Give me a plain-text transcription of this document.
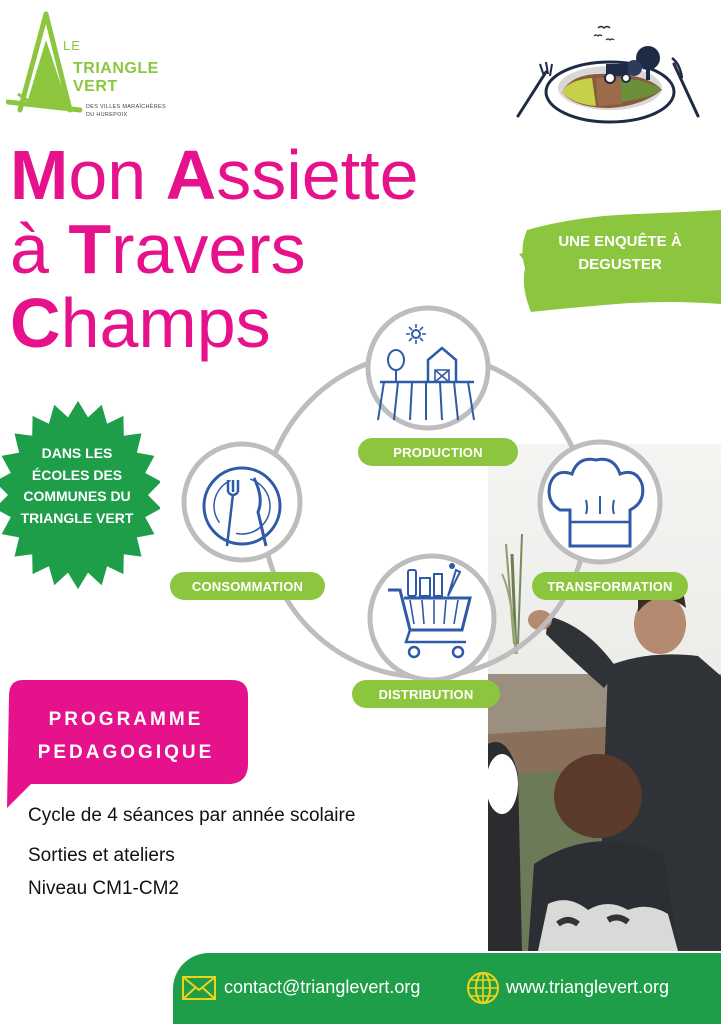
LE
TRIANGLE
VERT
DES VILLES MARAÎCHÈRES
DU HUREPOIX
Mon Assiette
à Travers
Champs
UNE ENQUÊTE À
DEGUSTER
DANS LES
ÉCOLES DES
COMMUNES DU
TRIANGLE VERT
PRODUCTION
TRANSFORMATION
CONSOMMATION
DISTRIBUTION
PROGRAMME
PEDAGOGIQUE
Cycle de 4 séances par année scolaire
Sorties et ateliers
Niveau CM1-CM2
contact@trianglevert.org	www.trianglevert.org
